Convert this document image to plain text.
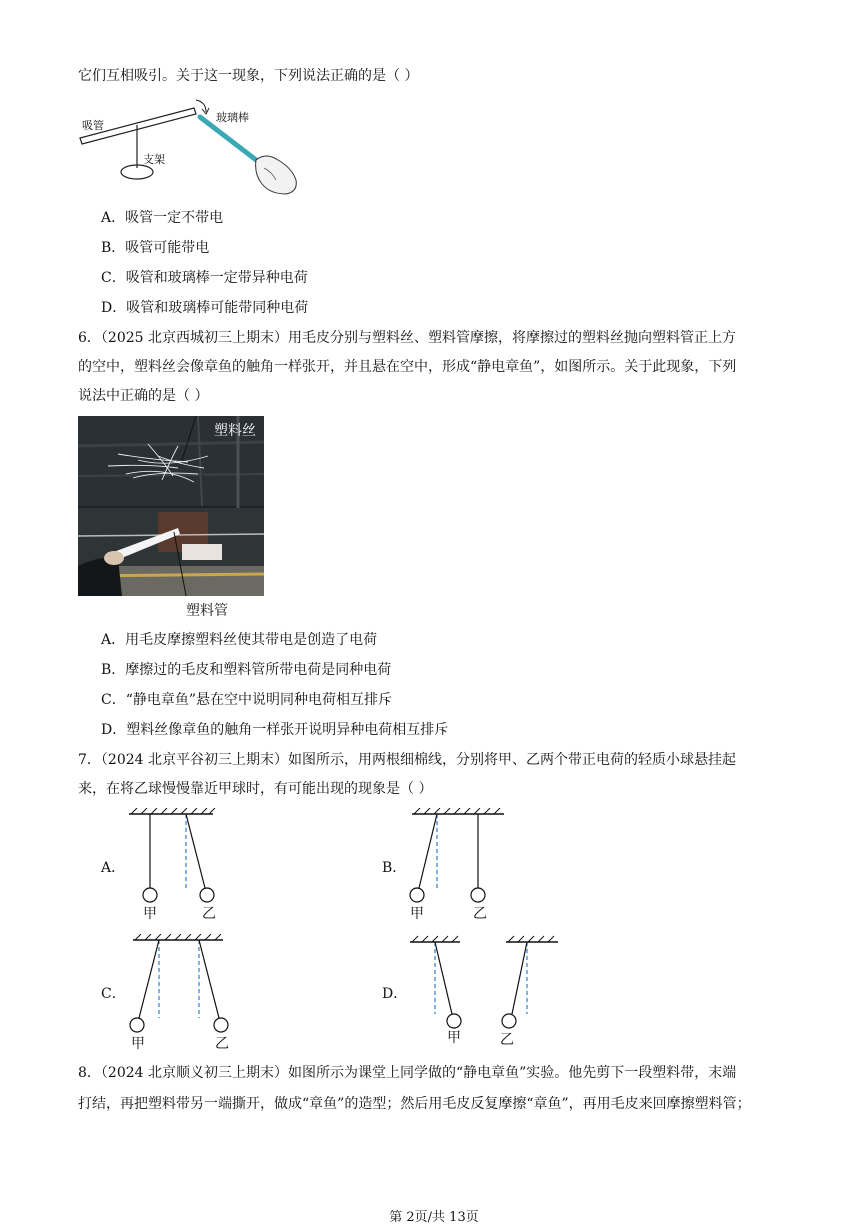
它们互相吸引。关于这一现象，下列说法正确的是（ ）
吸管
支架
玻璃棒
A．吸管一定不带电
B．吸管可能带电
C．吸管和玻璃棒一定带异种电荷
D．吸管和玻璃棒可能带同种电荷
6．（2025 北京西城初三上期末）用毛皮分别与塑料丝、塑料管摩擦，将摩擦过的塑料丝抛向塑料管正上方
的空中，塑料丝会像章鱼的触角一样张开，并且悬在空中，形成“静电章鱼”，如图所示。关于此现象，下列
说法中正确的是（ ）
塑料丝
塑料管
A．用毛皮摩擦塑料丝使其带电是创造了电荷
B．摩擦过的毛皮和塑料管所带电荷是同种电荷
C．“静电章鱼”悬在空中说明同种电荷相互排斥
D．塑料丝像章鱼的触角一样张开说明异种电荷相互排斥
7．（2024 北京平谷初三上期末）如图所示，用两根细棉线，分别将甲、乙两个带正电荷的轻质小球悬挂起
来，在将乙球慢慢靠近甲球时，有可能出现的现象是（ ）
A．
甲	乙
B．
甲	乙
C．
甲	乙
D．
甲	乙
8．（2024 北京顺义初三上期末）如图所示为课堂上同学做的“静电章鱼”实验。他先剪下一段塑料带，末端
打结，再把塑料带另一端撕开，做成“章鱼”的造型；然后用毛皮反复摩擦“章鱼”，再用毛皮来回摩擦塑料管；
第 2页/共 13页
